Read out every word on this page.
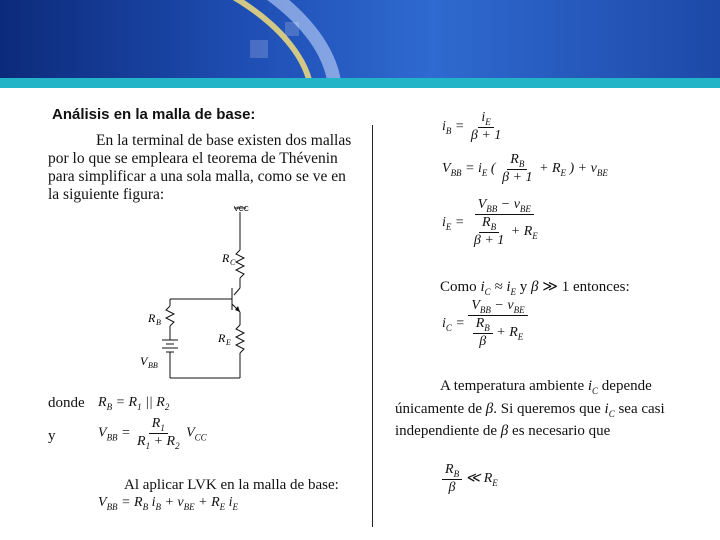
Análisis en la malla de base:
En la terminal de base existen dos mallas
por lo que se empleara el teorema de Thévenin
para simplificar a una sola malla, como se ve en
la siguiente figura:
VCC
R C
R B
R E
V BB
donde $R_B = R_1$ || $R_2$
y	$V_{BB} = \frac{R_1}{R_1 + R_2} V_{CC}$
Al aplicar LVK en la malla de base:
$V_{BB} = R_B$ $i_B + v_{BE} + R_E$ $i_E$
$i_B = \frac{i_E}{\beta + 1}$
$V_{BB} = i_E$ ( $\frac{R_B}{\beta + 1} + R_E$ ) + $v_{BE}$
$i_E = \frac{V_{BB} - v_{BE}}{\frac{R_B}{\beta + 1} + R_E}$
Como $i_C \approx i_E$ y β ≫ 1 entonces:
$i_C = \frac{V_{BB} - v_{BE}}{\frac{R_B}{\beta} + R_E}$
A temperatura ambiente $i_C$ depende
únicamente de β. Si queremos que $i_C$ sea casi
independiente de β es necesario que
$\frac{R_B}{\beta}$ ≪ $R_E$
